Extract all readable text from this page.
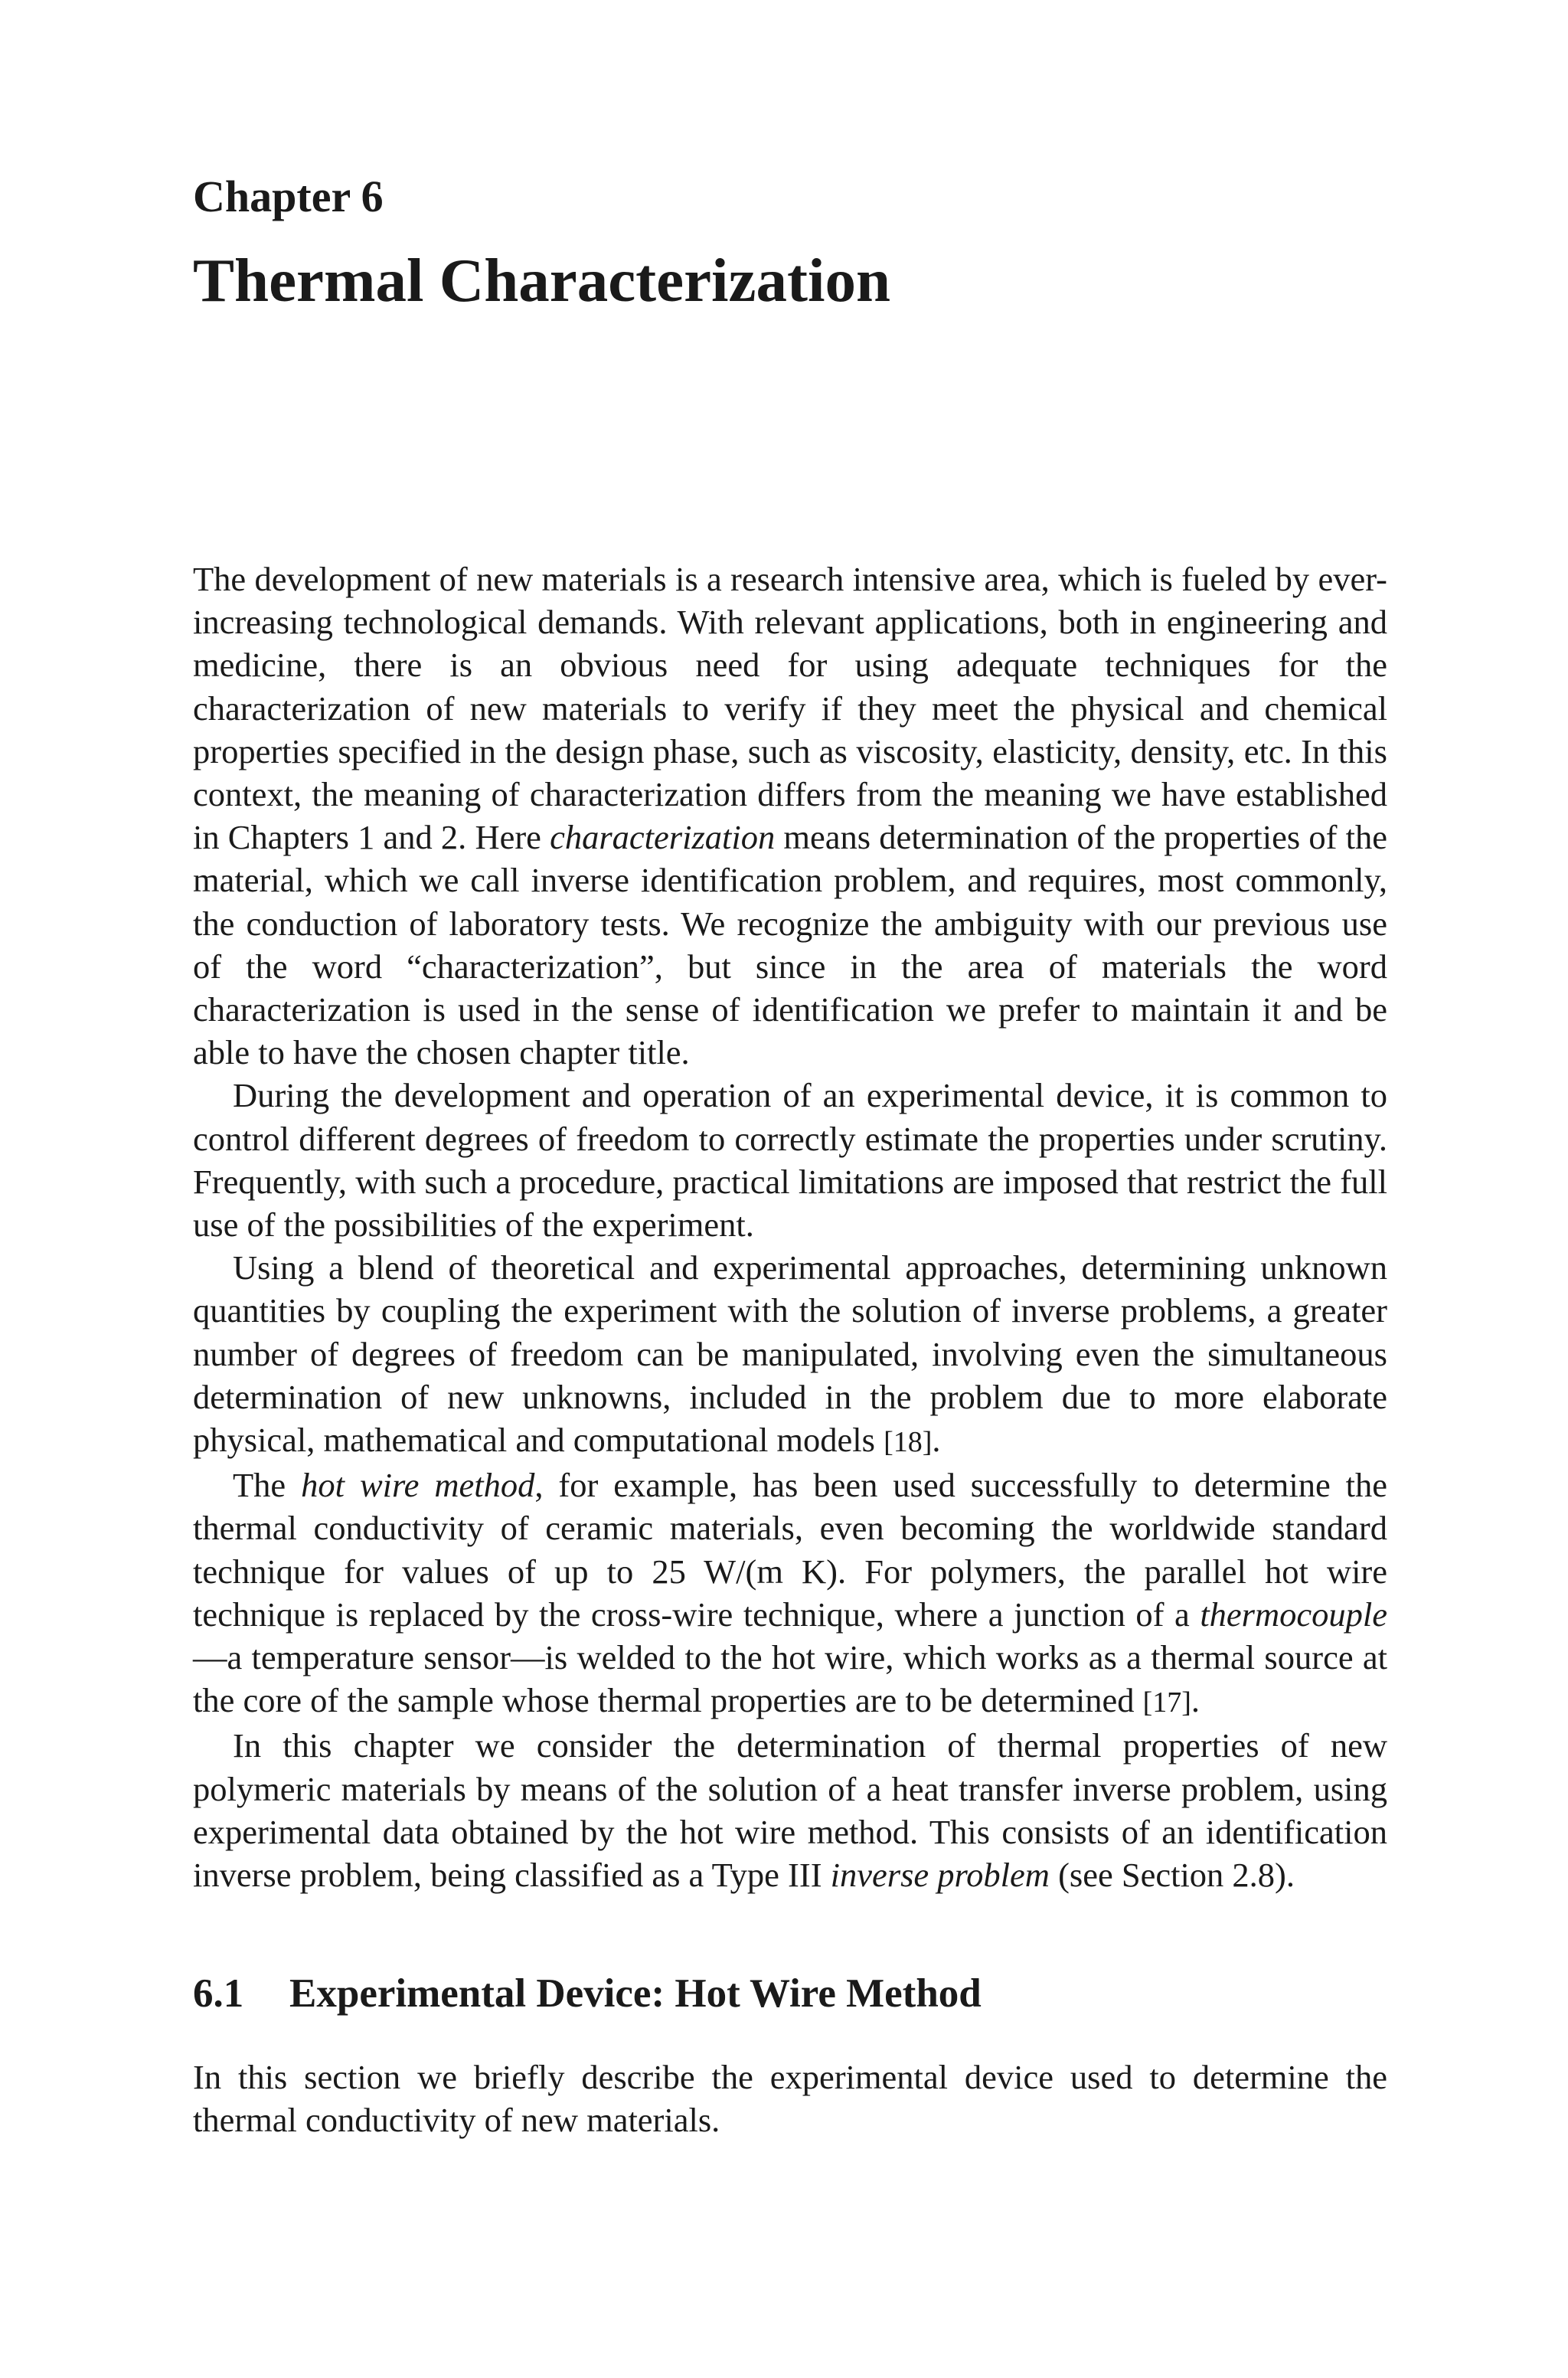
Chapter 6
Thermal Characterization

The development of new materials is a research intensive area, which is fueled by ever-increasing technological demands. With relevant applications, both in engineering and medicine, there is an obvious need for using adequate techniques for the characterization of new materials to verify if they meet the physical and chemical properties specified in the design phase, such as viscosity, elasticity, density, etc. In this context, the meaning of characterization differs from the meaning we have established in Chapters 1 and 2. Here characterization means determination of the properties of the material, which we call inverse identification problem, and requires, most commonly, the conduction of laboratory tests. We recognize the ambiguity with our previous use of the word “characterization”, but since in the area of materials the word characterization is used in the sense of identification we prefer to maintain it and be able to have the chosen chapter title.

During the development and operation of an experimental device, it is common to control different degrees of freedom to correctly estimate the properties under scrutiny. Frequently, with such a procedure, practical limitations are imposed that restrict the full use of the possibilities of the experiment.

Using a blend of theoretical and experimental approaches, determining unknown quantities by coupling the experiment with the solution of inverse problems, a greater number of degrees of freedom can be manipulated, involving even the simultaneous determination of new unknowns, included in the problem due to more elaborate physical, mathematical and computational models [18].

The hot wire method, for example, has been used successfully to determine the thermal conductivity of ceramic materials, even becoming the worldwide standard technique for values of up to 25 W/(m K). For polymers, the parallel hot wire technique is replaced by the cross-wire technique, where a junction of a thermocouple—a temperature sensor—is welded to the hot wire, which works as a thermal source at the core of the sample whose thermal properties are to be determined [17].

In this chapter we consider the determination of thermal properties of new polymeric materials by means of the solution of a heat transfer inverse problem, using experimental data obtained by the hot wire method. This consists of an identification inverse problem, being classified as a Type III inverse problem (see Section 2.8).

6.1 Experimental Device: Hot Wire Method

In this section we briefly describe the experimental device used to determine the thermal conductivity of new materials.
